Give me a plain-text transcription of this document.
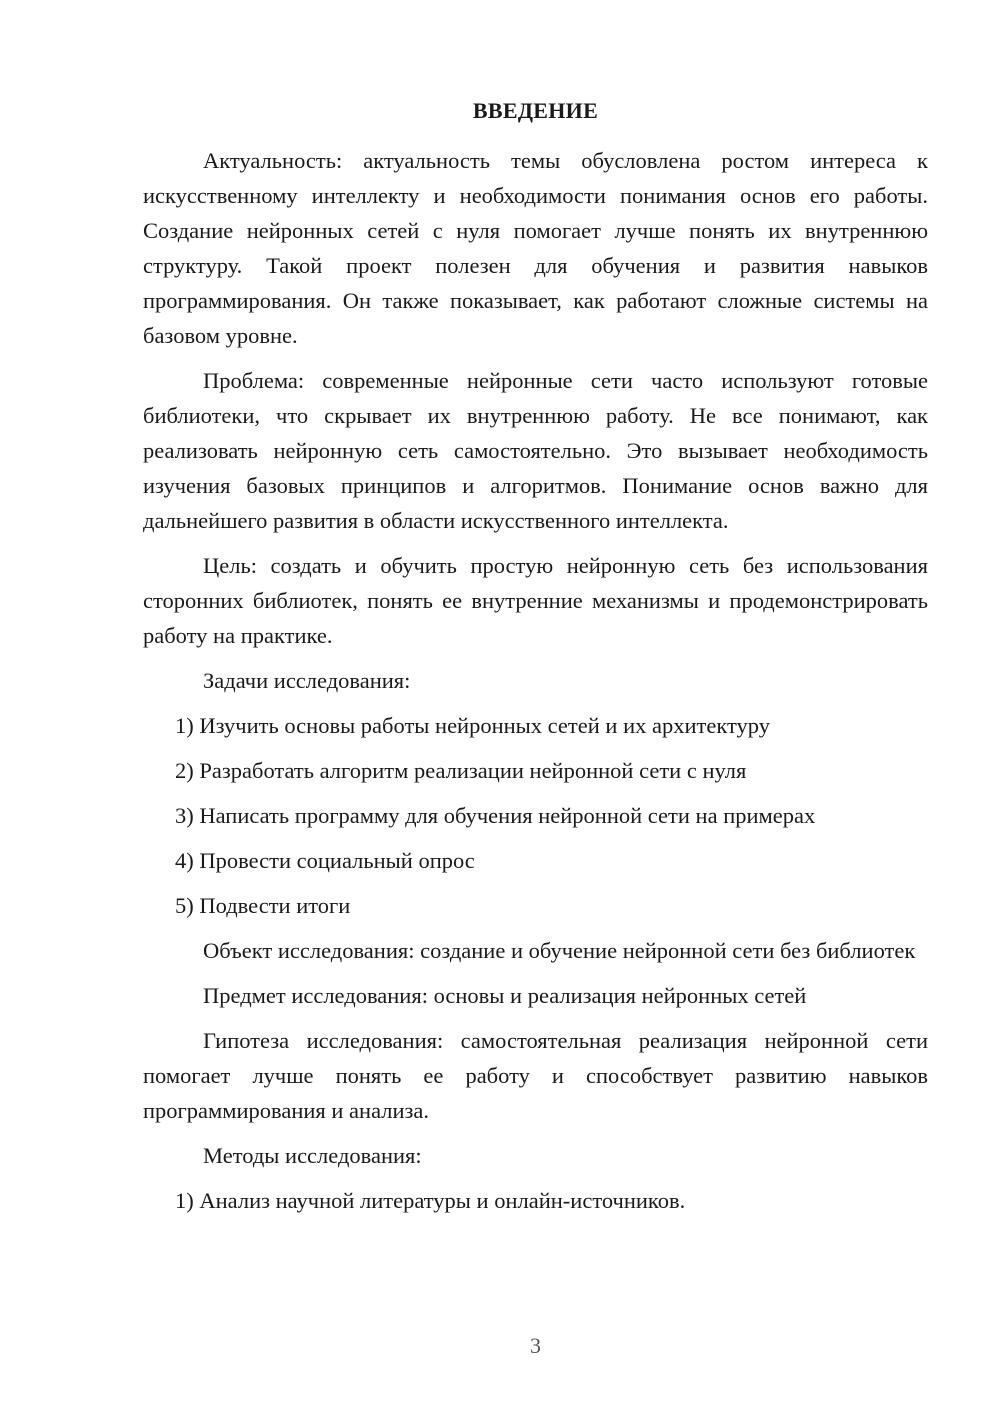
ВВЕДЕНИЕ

Актуальность: актуальность темы обусловлена ростом интереса к искусственному интеллекту и необходимости понимания основ его работы. Создание нейронных сетей с нуля помогает лучше понять их внутреннюю структуру. Такой проект полезен для обучения и развития навыков программирования. Он также показывает, как работают сложные системы на базовом уровне.

Проблема: современные нейронные сети часто используют готовые библиотеки, что скрывает их внутреннюю работу. Не все понимают, как реализовать нейронную сеть самостоятельно. Это вызывает необходимость изучения базовых принципов и алгоритмов. Понимание основ важно для дальнейшего развития в области искусственного интеллекта.

Цель: создать и обучить простую нейронную сеть без использования сторонних библиотек, понять ее внутренние механизмы и продемонстрировать работу на практике.

Задачи исследования:

1) Изучить основы работы нейронных сетей и их архитектуру

2) Разработать алгоритм реализации нейронной сети с нуля

3) Написать программу для обучения нейронной сети на примерах

4) Провести социальный опрос

5) Подвести итоги

Объект исследования: создание и обучение нейронной сети без библиотек

Предмет исследования: основы и реализация нейронных сетей

Гипотеза исследования: самостоятельная реализация нейронной сети помогает лучше понять ее работу и способствует развитию навыков программирования и анализа.

Методы исследования:

1) Анализ научной литературы и онлайн-источников.

3
